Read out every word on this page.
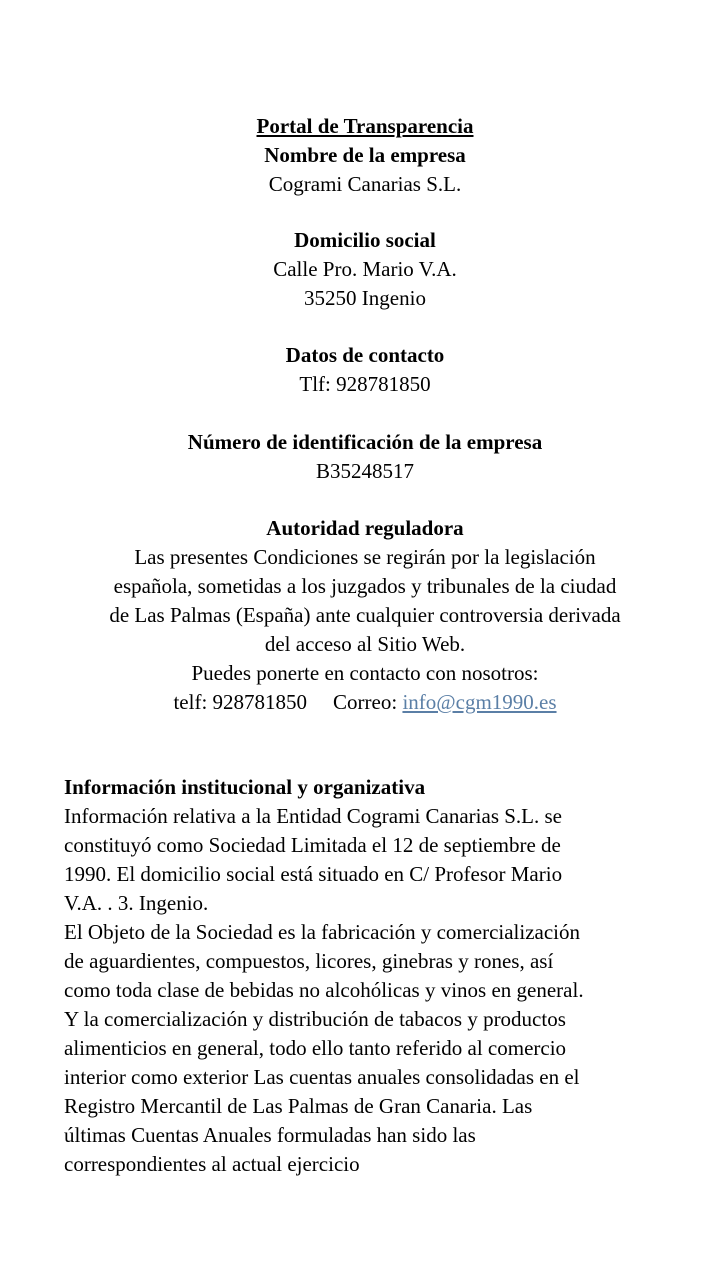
Portal de Transparencia
Nombre de la empresa
Cogrami Canarias S.L.
Domicilio social
Calle Pro. Mario V.A.
35250 Ingenio
Datos de contacto
Tlf: 928781850
Número de identificación de la empresa
B35248517
Autoridad reguladora
Las presentes Condiciones se regirán por la legislación
española, sometidas a los juzgados y tribunales de la ciudad
de Las Palmas (España) ante cualquier controversia derivada
del acceso al Sitio Web.
Puedes ponerte en contacto con nosotros:
telf: 928781850 Correo: info@cgm1990.es
Información institucional y organizativa
Información relativa a la Entidad Cogrami Canarias S.L. se
constituyó como Sociedad Limitada el 12 de septiembre de
1990. El domicilio social está situado en C/ Profesor Mario
V.A. . 3. Ingenio.
El Objeto de la Sociedad es la fabricación y comercialización
de aguardientes, compuestos, licores, ginebras y rones, así
como toda clase de bebidas no alcohólicas y vinos en general.
Y la comercialización y distribución de tabacos y productos
alimenticios en general, todo ello tanto referido al comercio
interior como exterior Las cuentas anuales consolidadas en el
Registro Mercantil de Las Palmas de Gran Canaria. Las
últimas Cuentas Anuales formuladas han sido las
correspondientes al actual ejercicio
